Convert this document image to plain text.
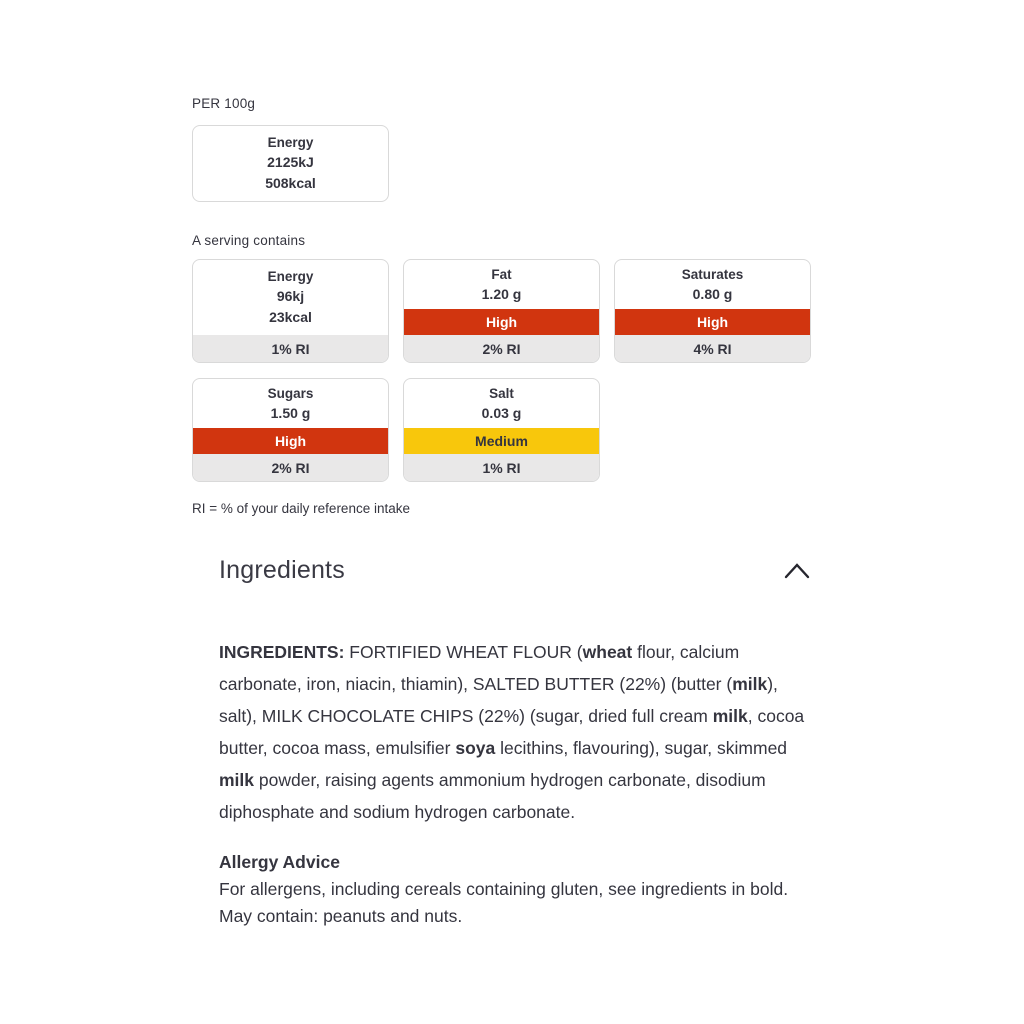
PER 100g
Energy
2125kJ
508kcal
A serving contains
Energy
96kj
23kcal
1% RI
Fat
1.20 g
High
2% RI
Saturates
0.80 g
High
4% RI
Sugars
1.50 g
High
2% RI
Salt
0.03 g
Medium
1% RI
RI = % of your daily reference intake
Ingredients

INGREDIENTS: FORTIFIED WHEAT FLOUR (wheat flour, calcium carbonate, iron, niacin, thiamin), SALTED BUTTER (22%) (butter (milk), salt), MILK CHOCOLATE CHIPS (22%) (sugar, dried full cream milk, cocoa butter, cocoa mass, emulsifier soya lecithins, flavouring), sugar, skimmed milk powder, raising agents ammonium hydrogen carbonate, disodium diphosphate and sodium hydrogen carbonate.

Allergy Advice

For allergens, including cereals containing gluten, see ingredients in bold.
May contain: peanuts and nuts.
